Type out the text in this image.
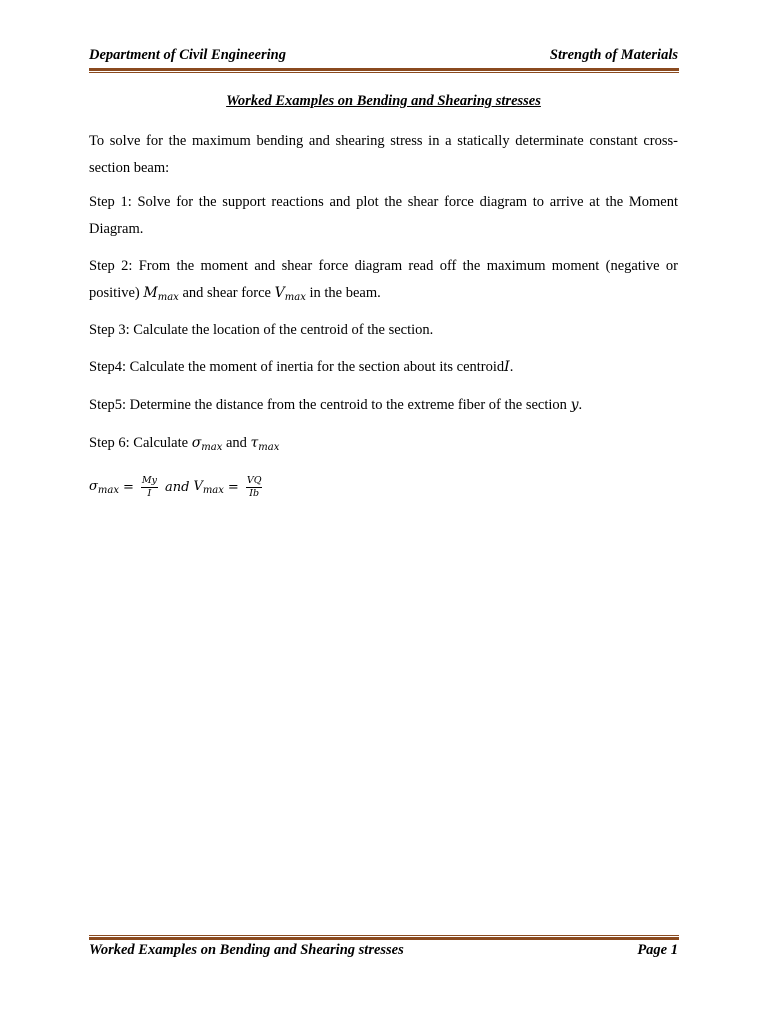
Department of Civil Engineering	Strength of Materials
Worked Examples on Bending and Shearing stresses
To solve for the maximum bending and shearing stress in a statically determinate constant cross-section beam:
Step 1: Solve for the support reactions and plot the shear force diagram to arrive at the Moment Diagram.
Step 2: From the moment and shear force diagram read off the maximum moment (negative or positive) $M_{max}$ and shear force $V_{max}$ in the beam.
Step 3: Calculate the location of the centroid of the section.
Step4: Calculate the moment of inertia for the section about its centroidI.
Step5: Determine the distance from the centroid to the extreme fiber of the section y.
Step 6: Calculate $\sigma_{max}$ and $\tau_{max}$
$\sigma_{max} = \frac{My}{I}$ and $V_{max} = \frac{VQ}{Ib}$
Worked Examples on Bending and Shearing stresses	Page 1
